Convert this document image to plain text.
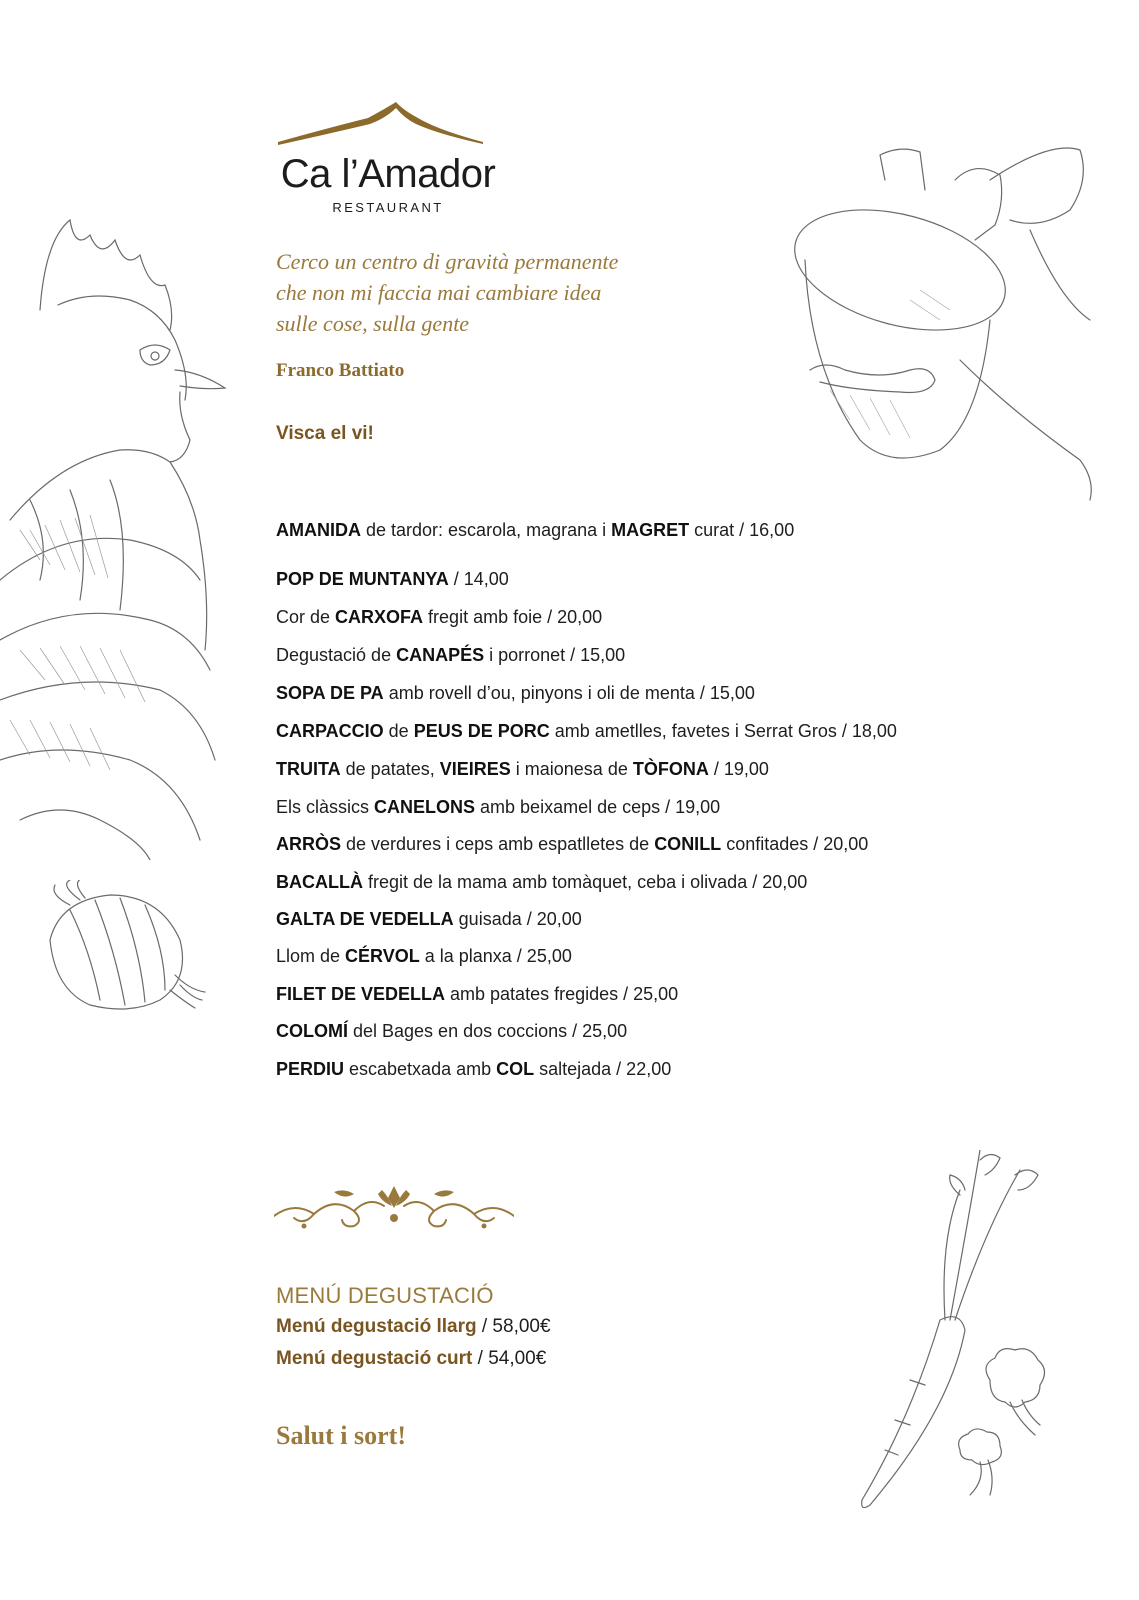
Ca l’Amador
RESTAURANT
Cerco un centro di gravità permanente
che non mi faccia mai cambiare idea
sulle cose, sulla gente
Franco Battiato
Visca el vi!
AMANIDA de tardor: escarola, magrana i MAGRET curat / 16,00
POP DE MUNTANYA / 14,00
Cor de CARXOFA fregit amb foie / 20,00
Degustació de CANAPÉS i porronet / 15,00
SOPA DE PA amb rovell d’ou, pinyons i oli de menta / 15,00
CARPACCIO de PEUS DE PORC amb ametlles, favetes i Serrat Gros / 18,00
TRUITA de patates, VIEIRES i maionesa de TÒFONA / 19,00
Els clàssics CANELONS amb beixamel de ceps / 19,00
ARRÒS de verdures i ceps amb espatlletes de CONILL confitades / 20,00
BACALLÀ fregit de la mama amb tomàquet, ceba i olivada / 20,00
GALTA DE VEDELLA guisada / 20,00
Llom de CÉRVOL a la planxa / 25,00
FILET DE VEDELLA amb patates fregides / 25,00
COLOMÍ del Bages en dos coccions / 25,00
PERDIU escabetxada amb COL saltejada / 22,00
MENÚ DEGUSTACIÓ
Menú degustació llarg / 58,00€
Menú degustació curt / 54,00€
Salut i sort!
